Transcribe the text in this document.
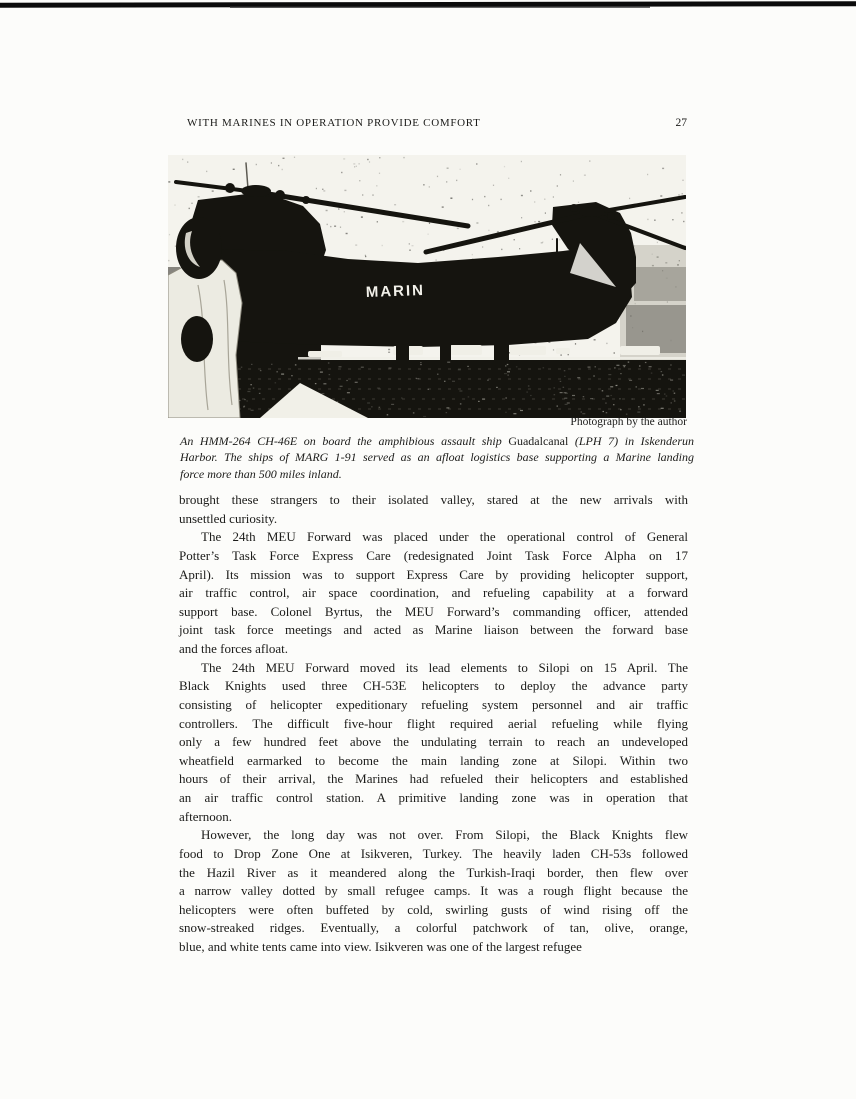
WITH MARINES IN OPERATION PROVIDE COMFORT	27
MARIN
Photograph by the author
An HMM-264 CH-46E on board the amphibious assault ship Guadalcanal (LPH 7) in Iskenderun
Harbor. The ships of MARG 1-91 served as an afloat logistics base supporting a Marine landing
force more than 500 miles inland.
brought these strangers to their isolated valley, stared at the new arrivals with
unsettled curiosity.
The 24th MEU Forward was placed under the operational control of General
Potter’s Task Force Express Care (redesignated Joint Task Force Alpha on 17
April). Its mission was to support Express Care by providing helicopter support,
air traffic control, air space coordination, and refueling capability at a forward
support base. Colonel Byrtus, the MEU Forward’s commanding officer, attended
joint task force meetings and acted as Marine liaison between the forward base
and the forces afloat.
The 24th MEU Forward moved its lead elements to Silopi on 15 April. The
Black Knights used three CH-53E helicopters to deploy the advance party
consisting of helicopter expeditionary refueling system personnel and air traffic
controllers. The difficult five-hour flight required aerial refueling while flying
only a few hundred feet above the undulating terrain to reach an undeveloped
wheatfield earmarked to become the main landing zone at Silopi. Within two
hours of their arrival, the Marines had refueled their helicopters and established
an air traffic control station. A primitive landing zone was in operation that
afternoon.
However, the long day was not over. From Silopi, the Black Knights flew
food to Drop Zone One at Isikveren, Turkey. The heavily laden CH-53s followed
the Hazil River as it meandered along the Turkish-Iraqi border, then flew over
a narrow valley dotted by small refugee camps. It was a rough flight because the
helicopters were often buffeted by cold, swirling gusts of wind rising off the
snow-streaked ridges. Eventually, a colorful patchwork of tan, olive, orange,
blue, and white tents came into view. Isikveren was one of the largest refugee
